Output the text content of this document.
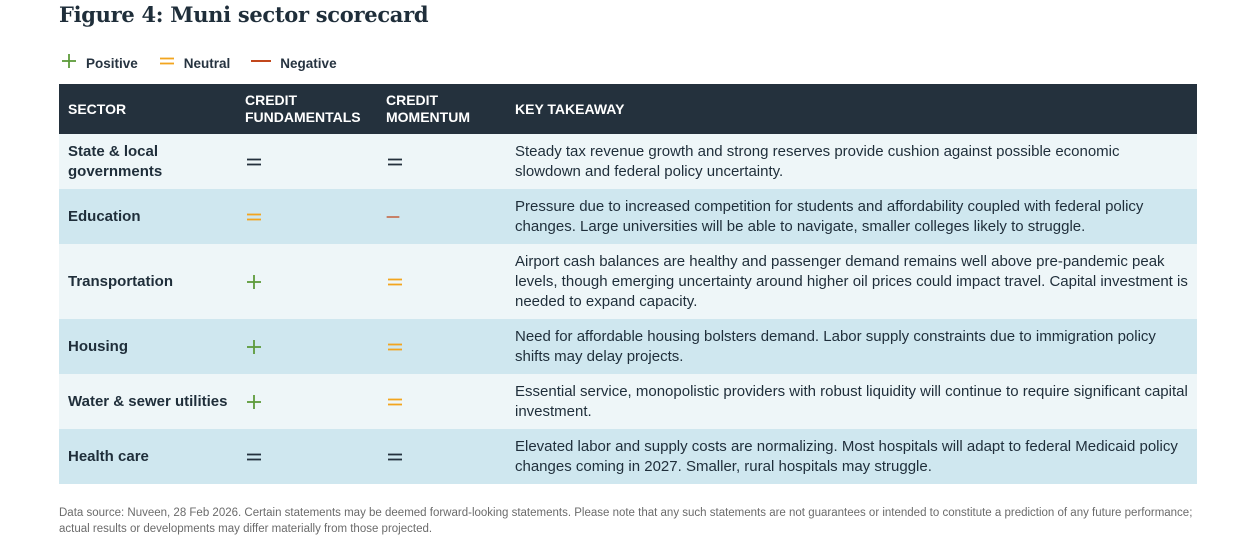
Figure 4: Muni sector scorecard
Positive	Neutral	Negative
SECTOR
CREDIT
FUNDAMENTALS
CREDIT
MOMENTUM
KEY TAKEAWAY
State & local governments
Steady tax revenue growth and strong reserves provide cushion against possible economic slowdown and federal policy uncertainty.
Education
Pressure due to increased competition for students and affordability coupled with federal policy changes. Large universities will be able to navigate, smaller colleges likely to struggle.
Transportation
Airport cash balances are healthy and passenger demand remains well above pre-pandemic peak levels, though emerging uncertainty around higher oil prices could impact travel. Capital investment is needed to expand capacity.
Housing
Need for affordable housing bolsters demand. Labor supply constraints due to immigration policy shifts may delay projects.
Water & sewer utilities
Essential service, monopolistic providers with robust liquidity will continue to require significant capital investment.
Health care
Elevated labor and supply costs are normalizing. Most hospitals will adapt to federal Medicaid policy changes coming in 2027. Smaller, rural hospitals may struggle.
Data source: Nuveen, 28 Feb 2026. Certain statements may be deemed forward-looking statements. Please note that any such statements are not guarantees or intended to constitute a prediction of any future performance; actual results or developments may differ materially from those projected.
